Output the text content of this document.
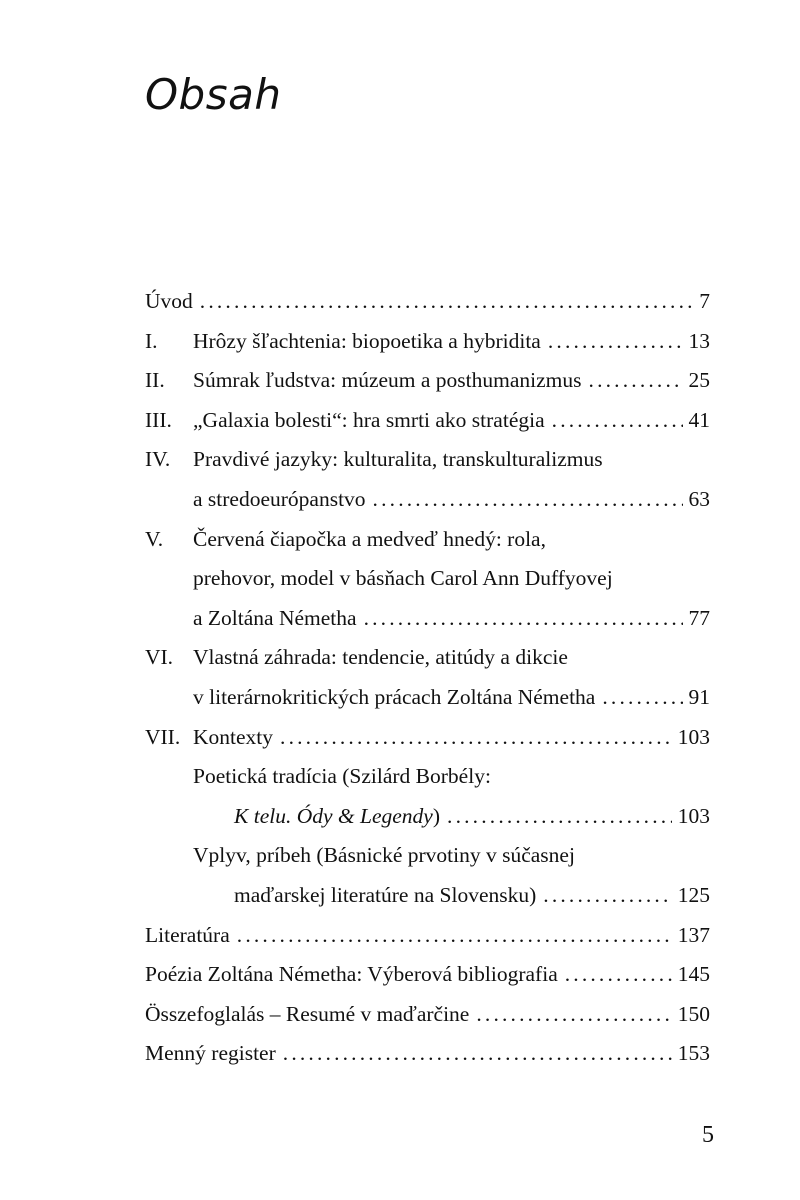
Obsah
Úvod . . .	7
I. Hrôzy šľachtenia: biopoetika a hybridita . . .	13
II. Súmrak ľudstva: múzeum a posthumanizmus . . .	25
III. „Galaxia bolesti“: hra smrti ako stratégia . . .	41
IV. Pravdivé jazyky: kulturalita, transkulturalizmus
a stredoeurópanstvo . . .	63
V. Červená čiapočka a medveď hnedý: rola,
prehovor, model v básňach Carol Ann Duffyovej
a Zoltána Németha . . .	77
VI. Vlastná záhrada: tendencie, atitúdy a dikcie
v literárnokritických prácach Zoltána Németha . . .	91
VII. Kontexty . . .	103
Poetická tradícia (Szilárd Borbély:
K telu. Ódy & Legendy) . . .	103
Vplyv, príbeh (Básnické prvotiny v súčasnej
maďarskej literatúre na Slovensku) . . .	125
Literatúra . . .	137
Poézia Zoltána Németha: Výberová bibliografia . . .	145
Összefoglalás – Resumé v maďarčine . . .	150
Menný register . . .	153
5
